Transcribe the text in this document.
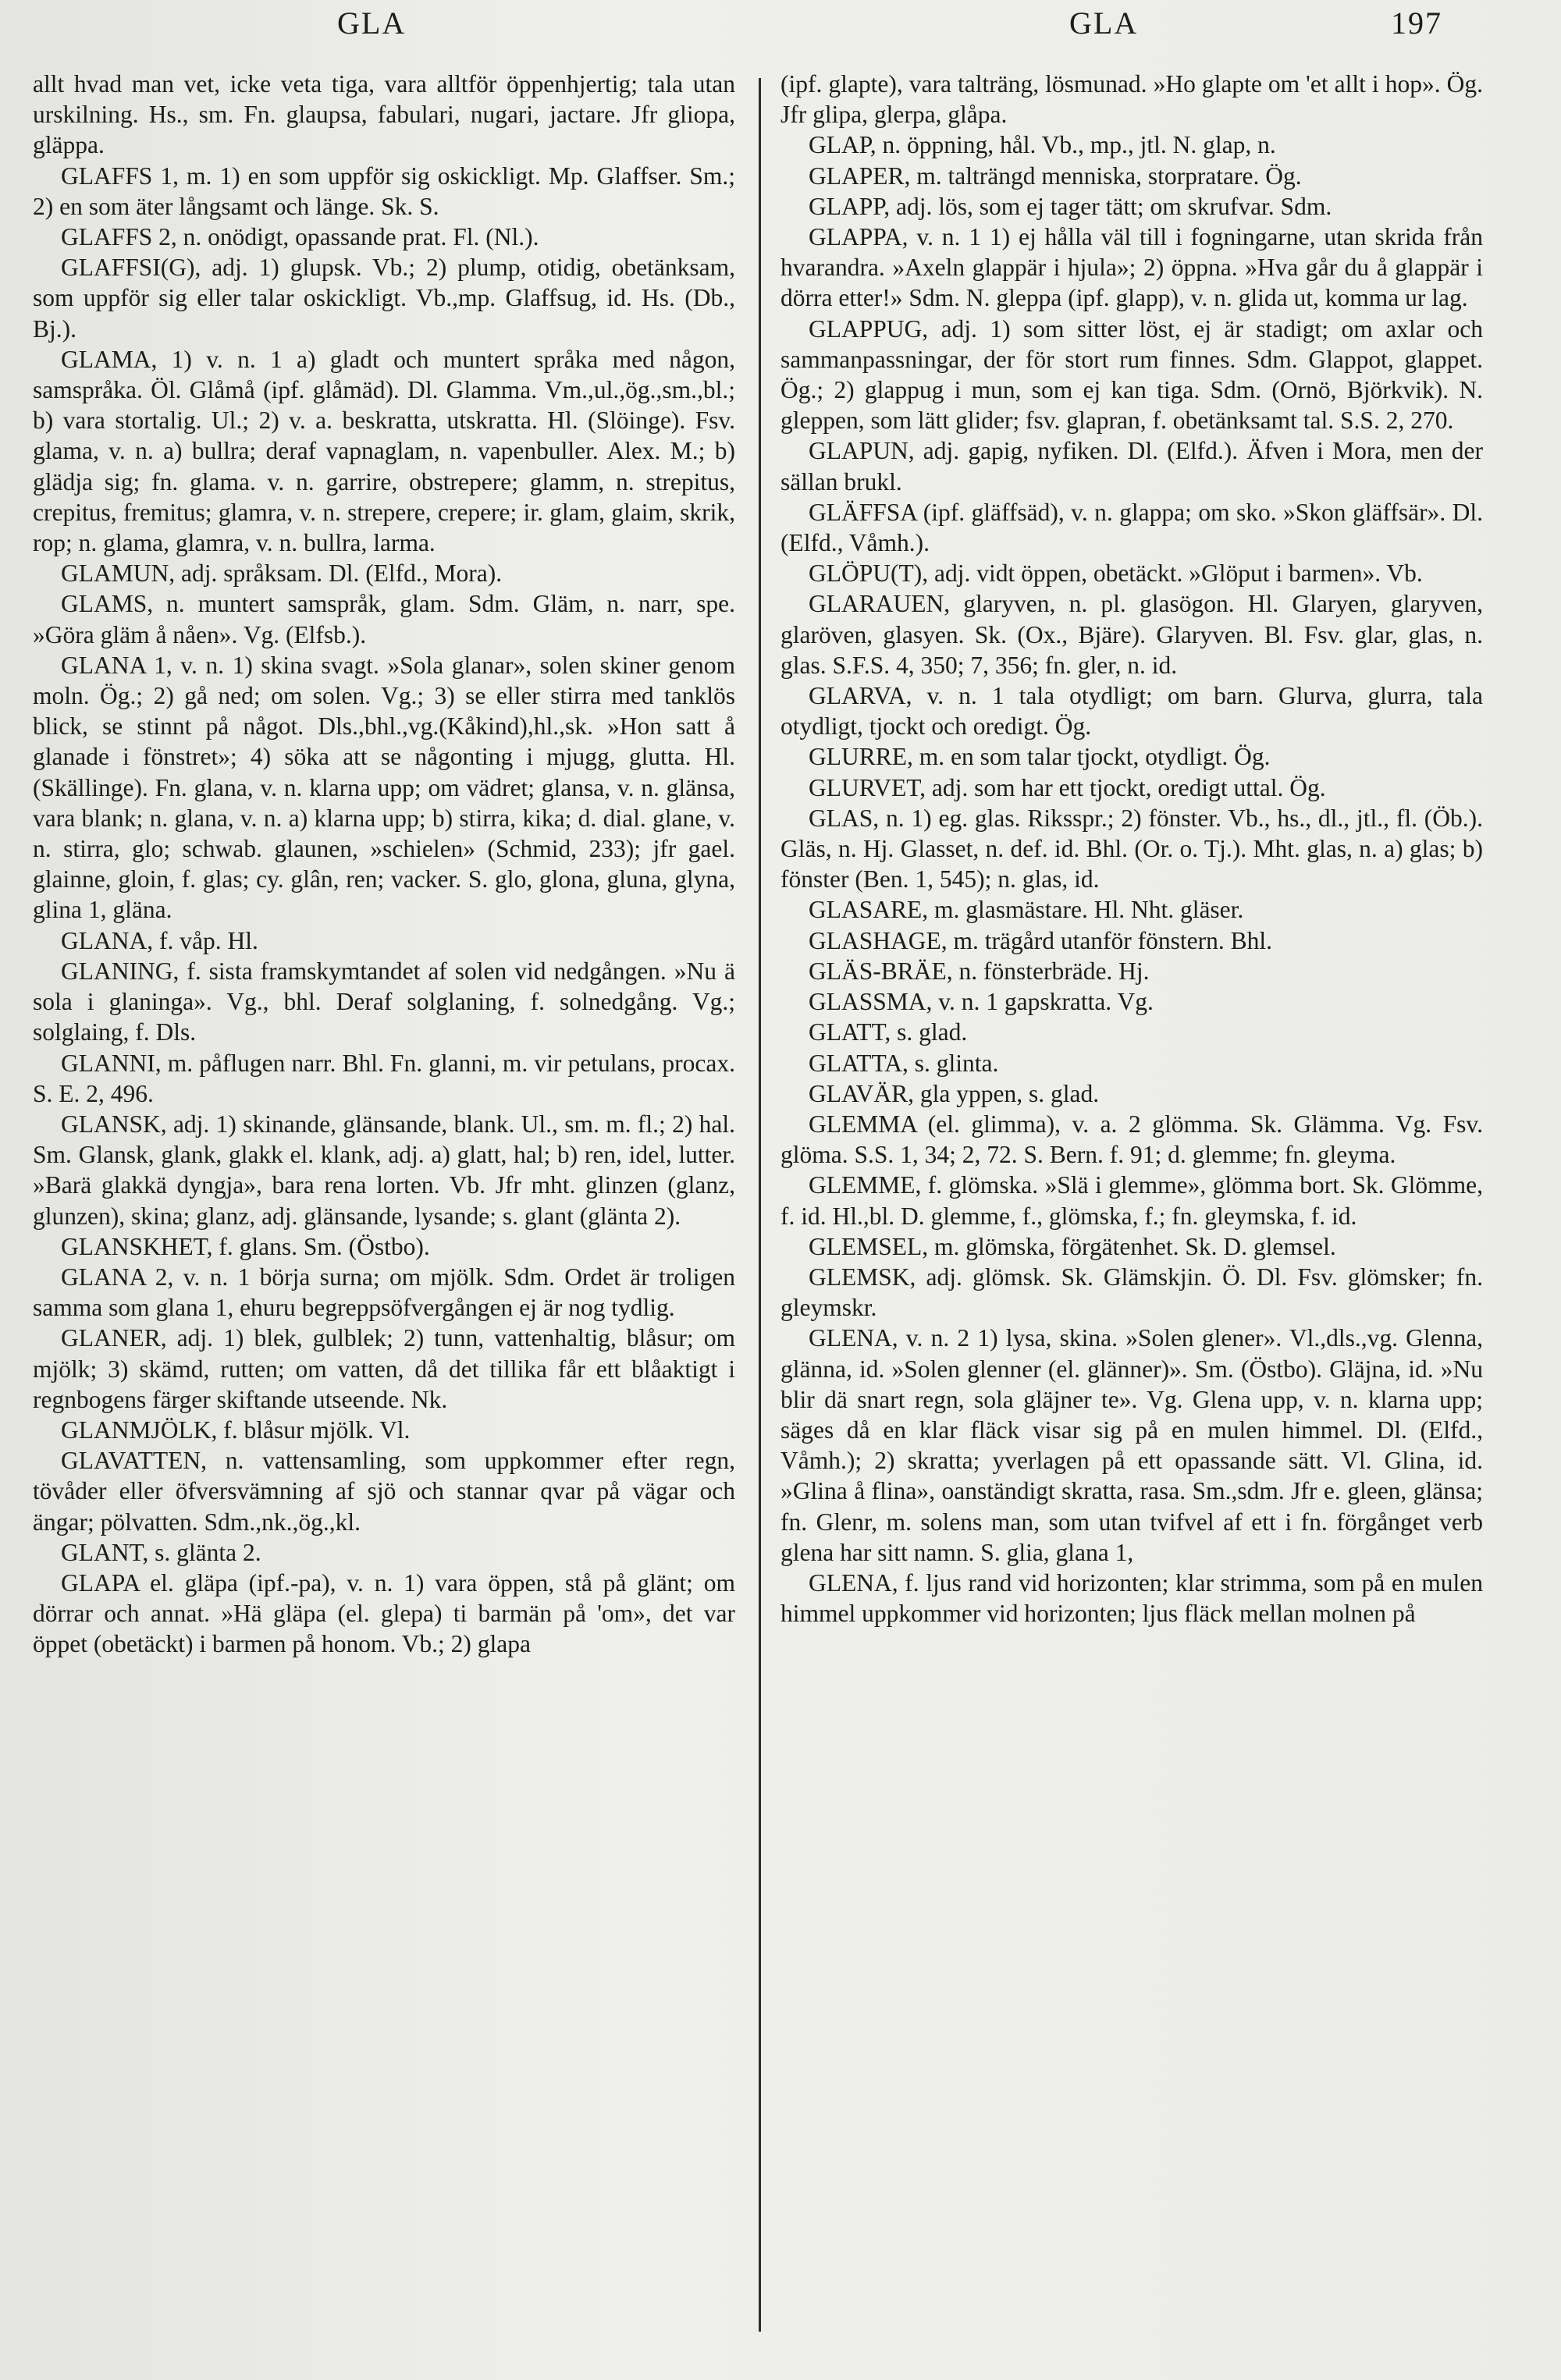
GLA	GLA	197

allt hvad man vet, icke veta tiga, vara alltför öppenhjertig; tala utan urskilning. Hs., sm. Fn. glaupsa, fabulari, nugari, jactare. Jfr gliopa, gläppa.

GLAFFS 1, m. 1) en som uppför sig oskickligt. Mp. Glaffser. Sm.; 2) en som äter långsamt och länge. Sk. S.

GLAFFS 2, n. onödigt, opassande prat. Fl. (Nl.).

GLAFFSI(G), adj. 1) glupsk. Vb.; 2) plump, otidig, obetänksam, som uppför sig eller talar oskickligt. Vb.,mp. Glaffsug, id. Hs. (Db., Bj.).

GLAMA, 1) v. n. 1 a) gladt och muntert språka med någon, samspråka. Öl. Glåmå (ipf. glåmäd). Dl. Glamma. Vm.,ul.,ög.,sm.,bl.; b) vara stortalig. Ul.; 2) v. a. beskratta, utskratta. Hl. (Slöinge). Fsv. glama, v. n. a) bullra; deraf vapnaglam, n. vapenbuller. Alex. M.; b) glädja sig; fn. glama. v. n. garrire, obstrepere; glamm, n. strepitus, crepitus, fremitus; glamra, v. n. strepere, crepere; ir. glam, glaim, skrik, rop; n. glama, glamra, v. n. bullra, larma.

GLAMUN, adj. språksam. Dl. (Elfd., Mora).

GLAMS, n. muntert samspråk, glam. Sdm. Gläm, n. narr, spe. »Göra gläm å nåen». Vg. (Elfsb.).

GLANA 1, v. n. 1) skina svagt. »Sola glanar», solen skiner genom moln. Ög.; 2) gå ned; om solen. Vg.; 3) se eller stirra med tanklös blick, se stinnt på något. Dls.,bhl.,vg.(Kåkind),hl.,sk. »Hon satt å glanade i fönstret»; 4) söka att se någonting i mjugg, glutta. Hl. (Skällinge). Fn. glana, v. n. klarna upp; om vädret; glansa, v. n. glänsa, vara blank; n. glana, v. n. a) klarna upp; b) stirra, kika; d. dial. glane, v. n. stirra, glo; schwab. glaunen, »schielen» (Schmid, 233); jfr gael. glainne, gloin, f. glas; cy. glân, ren; vacker. S. glo, glona, gluna, glyna, glina 1, gläna.

GLANA, f. våp. Hl.

GLANING, f. sista framskymtandet af solen vid nedgången. »Nu ä sola i glaninga». Vg., bhl. Deraf solglaning, f. solnedgång. Vg.; solglaing, f. Dls.

GLANNI, m. påflugen narr. Bhl. Fn. glanni, m. vir petulans, procax. S. E. 2, 496.

GLANSK, adj. 1) skinande, glänsande, blank. Ul., sm. m. fl.; 2) hal. Sm. Glansk, glank, glakk el. klank, adj. a) glatt, hal; b) ren, idel, lutter. »Barä glakkä dyngja», bara rena lorten. Vb. Jfr mht. glinzen (glanz, glunzen), skina; glanz, adj. glänsande, lysande; s. glant (glänta 2).

GLANSKHET, f. glans. Sm. (Östbo).

GLANA 2, v. n. 1 börja surna; om mjölk. Sdm. Ordet är troligen samma som glana 1, ehuru begreppsöfvergången ej är nog tydlig.

GLANER, adj. 1) blek, gulblek; 2) tunn, vattenhaltig, blåsur; om mjölk; 3) skämd, rutten; om vatten, då det tillika får ett blåaktigt i regnbogens färger skiftande utseende. Nk.

GLANMJÖLK, f. blåsur mjölk. Vl.

GLAVATTEN, n. vattensamling, som uppkommer efter regn, tövåder eller öfversvämning af sjö och stannar qvar på vägar och ängar; pölvatten. Sdm.,nk.,ög.,kl.

GLANT, s. glänta 2.

GLAPA el. gläpa (ipf.-pa), v. n. 1) vara öppen, stå på glänt; om dörrar och annat. »Hä gläpa (el. glepa) ti barmän på 'om», det var öppet (obetäckt) i barmen på honom. Vb.; 2) glapa

(ipf. glapte), vara talträng, lösmunad. »Ho glapte om 'et allt i hop». Ög. Jfr glipa, glerpa, glåpa.

GLAP, n. öppning, hål. Vb., mp., jtl. N. glap, n.

GLAPER, m. talträngd menniska, storpratare. Ög.

GLAPP, adj. lös, som ej tager tätt; om skrufvar. Sdm.

GLAPPA, v. n. 1 1) ej hålla väl till i fogningarne, utan skrida från hvarandra. »Axeln glappär i hjula»; 2) öppna. »Hva går du å glappär i dörra etter!» Sdm. N. gleppa (ipf. glapp), v. n. glida ut, komma ur lag.

GLAPPUG, adj. 1) som sitter löst, ej är stadigt; om axlar och sammanpassningar, der för stort rum finnes. Sdm. Glappot, glappet. Ög.; 2) glappug i mun, som ej kan tiga. Sdm. (Ornö, Björkvik). N. gleppen, som lätt glider; fsv. glapran, f. obetänksamt tal. S.S. 2, 270.

GLAPUN, adj. gapig, nyfiken. Dl. (Elfd.). Äfven i Mora, men der sällan brukl.

GLÄFFSA (ipf. gläffsäd), v. n. glappa; om sko. »Skon gläffsär». Dl. (Elfd., Våmh.).

GLÖPU(T), adj. vidt öppen, obetäckt. »Glöput i barmen». Vb.

GLARAUEN, glaryven, n. pl. glasögon. Hl. Glaryen, glaryven, glaröven, glasyen. Sk. (Ox., Bjäre). Glaryven. Bl. Fsv. glar, glas, n. glas. S.F.S. 4, 350; 7, 356; fn. gler, n. id.

GLARVA, v. n. 1 tala otydligt; om barn. Glurva, glurra, tala otydligt, tjockt och oredigt. Ög.

GLURRE, m. en som talar tjockt, otydligt. Ög.

GLURVET, adj. som har ett tjockt, oredigt uttal. Ög.

GLAS, n. 1) eg. glas. Riksspr.; 2) fönster. Vb., hs., dl., jtl., fl. (Öb.). Gläs, n. Hj. Glasset, n. def. id. Bhl. (Or. o. Tj.). Mht. glas, n. a) glas; b) fönster (Ben. 1, 545); n. glas, id.

GLASARE, m. glasmästare. Hl. Nht. gläser.

GLASHAGE, m. trägård utanför fönstern. Bhl.

GLÄS-BRÄE, n. fönsterbräde. Hj.

GLASSMA, v. n. 1 gapskratta. Vg.

GLATT, s. glad.

GLATTA, s. glinta.

GLAVÄR, gla yppen, s. glad.

GLEMMA (el. glimma), v. a. 2 glömma. Sk. Glämma. Vg. Fsv. glöma. S.S. 1, 34; 2, 72. S. Bern. f. 91; d. glemme; fn. gleyma.

GLEMME, f. glömska. »Slä i glemme», glömma bort. Sk. Glömme, f. id. Hl.,bl. D. glemme, f., glömska, f.; fn. gleymska, f. id.

GLEMSEL, m. glömska, förgätenhet. Sk. D. glemsel.

GLEMSK, adj. glömsk. Sk. Glämskjin. Ö. Dl. Fsv. glömsker; fn. gleymskr.

GLENA, v. n. 2 1) lysa, skina. »Solen glener». Vl.,dls.,vg. Glenna, glänna, id. »Solen glenner (el. glänner)». Sm. (Östbo). Gläjna, id. »Nu blir dä snart regn, sola gläjner te». Vg. Glena upp, v. n. klarna upp; säges då en klar fläck visar sig på en mulen himmel. Dl. (Elfd., Våmh.); 2) skratta; yverlagen på ett opassande sätt. Vl. Glina, id. »Glina å flina», oanständigt skratta, rasa. Sm.,sdm. Jfr e. gleen, glänsa; fn. Glenr, m. solens man, som utan tvifvel af ett i fn. förgånget verb glena har sitt namn. S. glia, glana 1,

GLENA, f. ljus rand vid horizonten; klar strimma, som på en mulen himmel uppkommer vid horizonten; ljus fläck mellan molnen på
